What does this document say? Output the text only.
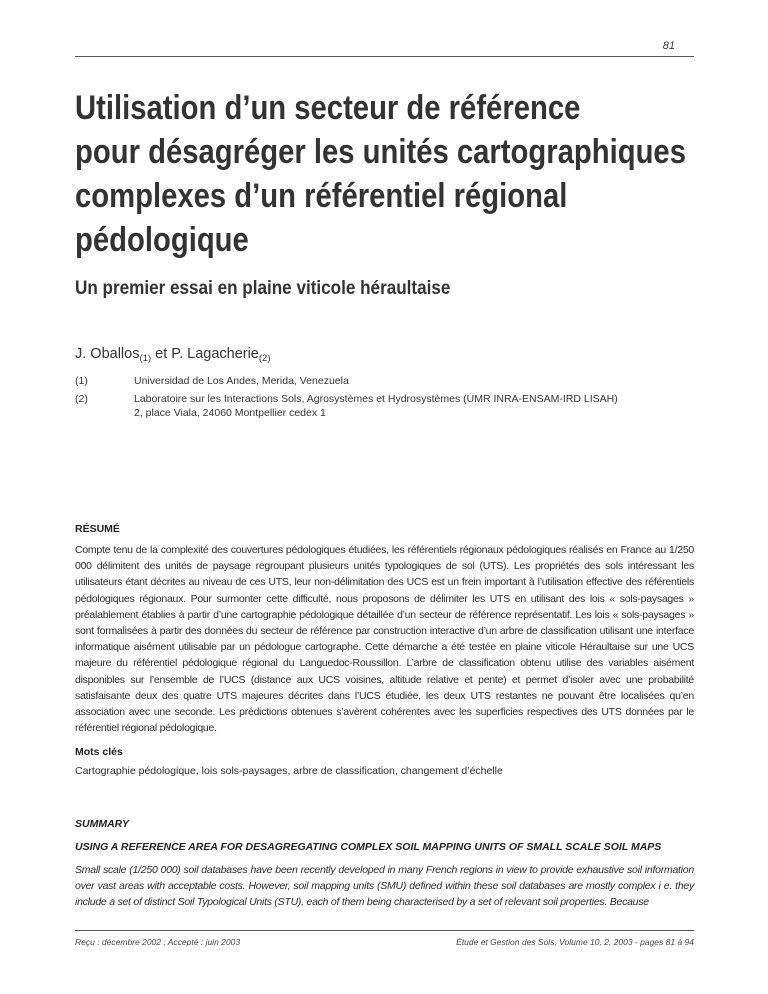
81
Utilisation d’un secteur de référence
pour désagréger les unités cartographiques
complexes d’un référentiel régional
pédologique
Un premier essai en plaine viticole héraultaise
J. Oballos$_{(1)}$ et P. Lagacherie$_{(2)}$
(1)	Universidad de Los Andes, Merida, Venezuela
(2)	Laboratoire sur les Interactions Sols, Agrosystèmes et Hydrosystèmes (UMR INRA-ENSAM-IRD LISAH)
2, place Viala, 24060 Montpellier cedex 1
RÉSUMÉ

Compte tenu de la complexité des couvertures pédologiques étudiées, les référentiels régionaux pédologiques réalisés en France au 1/250 000 délimitent des unités de paysage regroupant plusieurs unités typologiques de sol (UTS). Les propriétés des sols intéressant les utilisateurs étant décrites au niveau de ces UTS, leur non-délimitation des UCS est un frein important à l’utilisation effective des référentiels pédologiques régionaux. Pour surmonter cette difficulté, nous proposons de délimiter les UTS en utilisant des lois « sols-paysages » préalablement établies à partir d’une cartographie pédologique détaillée d’un secteur de référence représentatif. Les lois « sols-paysages » sont formalisées à partir des données du secteur de référence par construction interactive d’un arbre de classification utilisant une interface informatique aisément utilisable par un pédologue cartographe. Cette démarche a été testée en plaine viticole Héraultaise sur une UCS majeure du référentiel pédologique régional du Languedoc-Roussillon. L’arbre de classification obtenu utilise des variables aisément disponibles sur l’ensemble de l’UCS (distance aux UCS voisines, altitude relative et pente) et permet d’isoler avec une probabilité satisfaisante deux des quatre UTS majeures décrites dans l’UCS étudiée, les deux UTS restantes ne pouvant être localisées qu’en association avec une seconde. Les prédictions obtenues s’avèrent cohérentes avec les superficies respectives des UTS données par le référentiel régional pédologique.

Mots clés

Cartographie pédologique, lois sols-paysages, arbre de classification, changement d’échelle

SUMMARY
USING A REFERENCE AREA FOR DESAGREGATING COMPLEX SOIL MAPPING UNITS OF SMALL SCALE SOIL MAPS

Small scale (1/250 000) soil databases have been recently developed in many French regions in view to provide exhaustive soil information over vast areas with acceptable costs. However, soil mapping units (SMU) defined within these soil databases are mostly complex i e. they include a set of distinct Soil Typological Units (STU), each of them being characterised by a set of relevant soil properties. Because

Reçu : décembre 2002 ; Accepté : juin 2003	Étude et Gestion des Sols, Volume 10, 2, 2003 - pages 81 à 94
